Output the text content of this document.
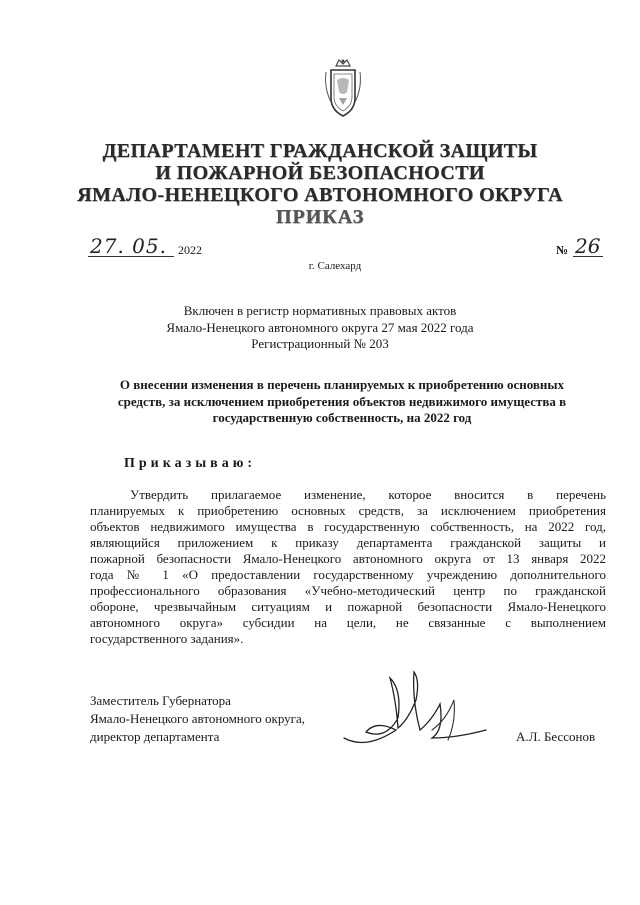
ДЕПАРТАМЕНТ ГРАЖДАНСКОЙ ЗАЩИТЫ
И ПОЖАРНОЙ БЕЗОПАСНОСТИ
ЯМАЛО-НЕНЕЦКОГО АВТОНОМНОГО ОКРУГА
ПРИКАЗ
27. 05. 2022	№ 26
г. Салехард
Включен в регистр нормативных правовых актов
Ямало-Ненецкого автономного округа 27 мая 2022 года
Регистрационный № 203
О внесении изменения в перечень планируемых к приобретению основных
средств, за исключением приобретения объектов недвижимого имущества в
государственную собственность, на 2022 год
Приказываю:
Утвердить прилагаемое изменение, которое вносится в перечень
планируемых к приобретению основных средств, за исключением приобретения
объектов недвижимого имущества в государственную собственность, на 2022 год,
являющийся приложением к приказу департамента гражданской защиты и
пожарной безопасности Ямало-Ненецкого автономного округа от 13 января 2022
года № 1 «О предоставлении государственному учреждению дополнительного
профессионального образования «Учебно-методический центр по гражданской
обороне, чрезвычайным ситуациям и пожарной безопасности Ямало-Ненецкого
автономного округа» субсидии на цели, не связанные с выполнением
государственного задания».
Заместитель Губернатора
Ямало-Ненецкого автономного округа,
директор департамента	А.Л. Бессонов
